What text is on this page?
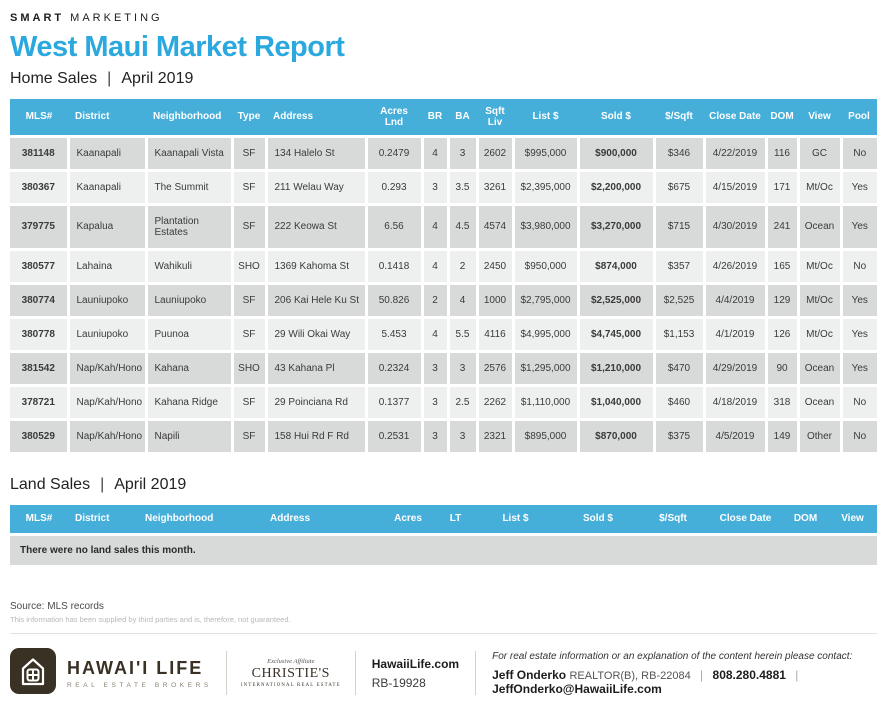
SMART MARKETING
West Maui Market Report
Home Sales | April 2019
MLS#	District	Neighborhood	Type	Address	Acres Lnd	BR	BA	Sqft Liv	List $	Sold $	$/Sqft	Close Date	DOM	View	Pool
381148	Kaanapali	Kaanapali Vista	SF	134 Halelo St	0.2479	4	3	2602	$995,000	$900,000	$346	4/22/2019	116	GC	No
380367	Kaanapali	The Summit	SF	211 Welau Way	0.293	3	3.5	3261	$2,395,000	$2,200,000	$675	4/15/2019	171	Mt/Oc	Yes
379775	Kapalua	Plantation Estates	SF	222 Keowa St	6.56	4	4.5	4574	$3,980,000	$3,270,000	$715	4/30/2019	241	Ocean	Yes
380577	Lahaina	Wahikuli	SHO	1369 Kahoma St	0.1418	4	2	2450	$950,000	$874,000	$357	4/26/2019	165	Mt/Oc	No
380774	Launiupoko	Launiupoko	SF	206 Kai Hele Ku St	50.826	2	4	1000	$2,795,000	$2,525,000	$2,525	4/4/2019	129	Mt/Oc	Yes
380778	Launiupoko	Puunoa	SF	29 Wili Okai Way	5.453	4	5.5	4116	$4,995,000	$4,745,000	$1,153	4/1/2019	126	Mt/Oc	Yes
381542	Nap/Kah/Hono	Kahana	SHO	43 Kahana Pl	0.2324	3	3	2576	$1,295,000	$1,210,000	$470	4/29/2019	90	Ocean	Yes
378721	Nap/Kah/Hono	Kahana Ridge	SF	29 Poinciana Rd	0.1377	3	2.5	2262	$1,110,000	$1,040,000	$460	4/18/2019	318	Ocean	No
380529	Nap/Kah/Hono	Napili	SF	158 Hui Rd F Rd	0.2531	3	3	2321	$895,000	$870,000	$375	4/5/2019	149	Other	No
Land Sales | April 2019
MLS#	District	Neighborhood	Address	Acres	LT	List $	Sold $	$/Sqft	Close Date	DOM	View
There were no land sales this month.
Source: MLS records
This information has been supplied by third parties and is, therefore, not guaranteed.
HAWAI'I LIFE
REAL ESTATE BROKERS
Exclusive Affiliate
CHRISTIE'S
INTERNATIONAL REAL ESTATE
HawaiiLife.com
RB-19928
For real estate information or an explanation of the content herein please contact:
Jeff Onderko REALTOR(B), RB-22084 | 808.280.4881 | JeffOnderko@HawaiiLife.com
